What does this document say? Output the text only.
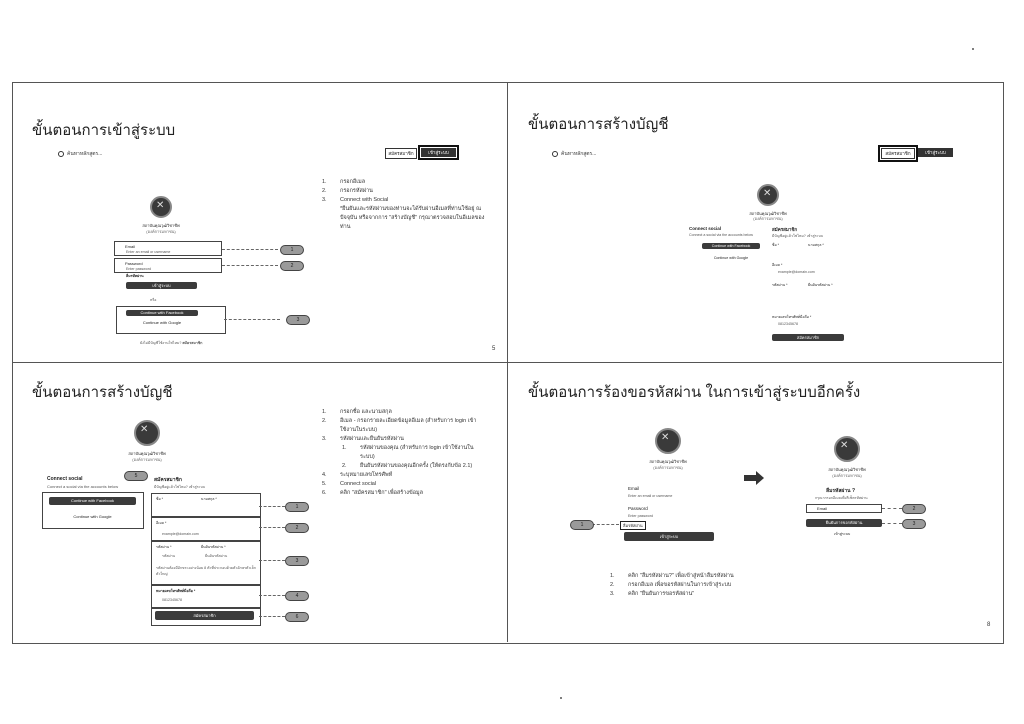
ขั้นตอนการเข้าสู่ระบบ
ค้นหาหลักสูตร...	สมัครสมาชิก	เข้าสู่ระบบ
✕
สถาบันคุณวุฒิวิชาชีพ
(องค์การมหาชน)
Email
Enter an email or username
Password
Enter password
ลืมรหัสผ่าน
เข้าสู่ระบบ
หรือ
Continue with Facebook
Continue with Google
ยังไม่มีบัญชีใช้งานใช่ไหม? สมัครสมาชิก
1
2
3
1.	กรอกอีเมล
2.	กรอกรหัสผ่าน
3.	Connect with Social
*ยืนยันและรหัสผ่านของท่านจะได้รับผ่านอีเมลที่ท่านใช้อยู่ ณ
ปัจจุบัน หรือจากการ "สร้างบัญชี" กรุณาตรวจสอบในอีเมลของ
ท่าน
5
ขั้นตอนการสร้างบัญชี
ค้นหาหลักสูตร...	สมัครสมาชิก	เข้าสู่ระบบ
✕
สถาบันคุณวุฒิวิชาชีพ
(องค์การมหาชน)
Connect social
Connect a social via the accounts below
Continue with Facebook
Continue with Google
สมัครสมาชิก
มีบัญชีอยู่แล้วใช่ไหม? เข้าสู่ระบบ
ชื่อ *	นามสกุล *
อีเมล *
example@domain.com
รหัสผ่าน *	ยืนยันรหัสผ่าน *
หมายเลขโทรศัพท์มือถือ *
0812345678
สมัครสมาชิก
ขั้นตอนการสร้างบัญชี
✕
สถาบันคุณวุฒิวิชาชีพ
(องค์การมหาชน)
Connect social
Connect a social via the accounts below
Continue with Facebook
Continue with Google
สมัครสมาชิก
มีบัญชีอยู่แล้วใช่ไหม? เข้าสู่ระบบ
ชื่อ *	นามสกุล *
อีเมล *
example@domain.com
รหัสผ่าน *	ยืนยันรหัสผ่าน *
รหัสผ่าน	ยืนยันรหัสผ่าน
รหัสผ่านต้องมีอักขระอย่างน้อย 8 ตัวที่ประกอบด้วยตัวอักษรตัวเล็กตัวใหญ่
หมายเลขโทรศัพท์มือถือ *
0812345678
สมัครสมาชิก
5
1
2
3
4
6
1.	กรอกชื่อ และนามสกุล
2.	อีเมล - กรอกรายละเอียดข้อมูลอีเมล (สำหรับการ login เข้า
ใช้งานในระบบ)
3.	รหัสผ่านและยืนยันรหัสผ่าน
1.	รหัสผ่านของคุณ (สำหรับการ login เข้าใช้งานใน
ระบบ)
2.	ยืนยันรหัสผ่านของคุณอีกครั้ง (ให้ตรงกับข้อ 2.1)
4.	ระบุหมายเลขโทรศัพท์
5.	Connect social
6.	คลิก "สมัครสมาชิก" เพื่อสร้างข้อมูล
ขั้นตอนการร้องขอรหัสผ่าน ในการเข้าสู่ระบบอีกครั้ง
✕
สถาบันคุณวุฒิวิชาชีพ
(องค์การมหาชน)
Email
Enter an email or username
Password
Enter password
ลืมรหัสผ่าน
เข้าสู่ระบบ
1
✕
สถาบันคุณวุฒิวิชาชีพ
(องค์การมหาชน)
ลืมรหัสผ่าน ?
กรุณากรอกอีเมลเพื่อรีเซ็ตรหัสผ่าน
Email
ยืนยันการขอรหัสผ่าน
เข้าสู่ระบบ
2
3
1.	คลิก "ลืมรหัสผ่าน?" เพื่อเข้าสู่หน้าลืมรหัสผ่าน
2.	กรอกอีเมล เพื่อขอรหัสผ่านในการเข้าสู่ระบบ
3.	คลิก "ยืนยันการขอรหัสผ่าน"
8
